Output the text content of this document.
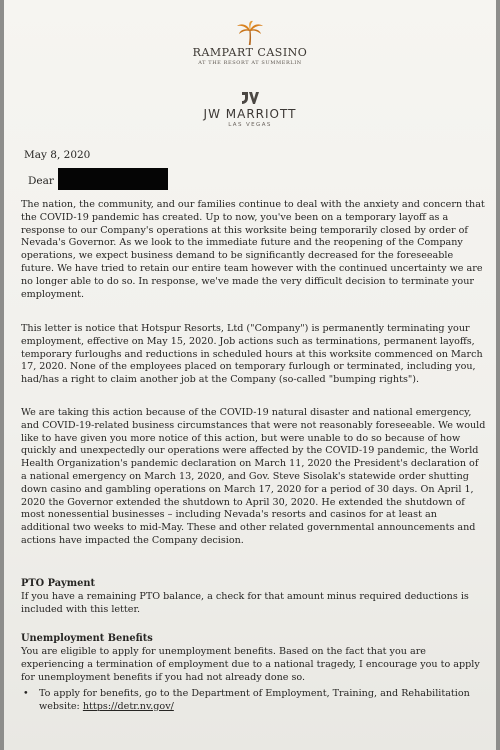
RAMPART CASINO
AT THE RESORT AT SUMMERLIN
JW MARRIOTT
LAS VEGAS
May 8, 2020
Dear

The nation, the community, and our families continue to deal with the anxiety and concern that the COVID-19 pandemic has created. Up to now, you've been on a temporary layoff as a response to our Company's operations at this worksite being temporarily closed by order of Nevada's Governor. As we look to the immediate future and the reopening of the Company operations, we expect business demand to be significantly decreased for the foreseeable future. We have tried to retain our entire team however with the continued uncertainty we are no longer able to do so. In response, we've made the very difficult decision to terminate your employment.

This letter is notice that Hotspur Resorts, Ltd ("Company") is permanently terminating your employment, effective on May 15, 2020. Job actions such as terminations, permanent layoffs, temporary furloughs and reductions in scheduled hours at this worksite commenced on March 17, 2020. None of the employees placed on temporary furlough or terminated, including you, had/has a right to claim another job at the Company (so-called "bumping rights").

We are taking this action because of the COVID-19 natural disaster and national emergency, and COVID-19-related business circumstances that were not reasonably foreseeable. We would like to have given you more notice of this action, but were unable to do so because of how quickly and unexpectedly our operations were affected by the COVID-19 pandemic, the World Health Organization's pandemic declaration on March 11, 2020 the President's declaration of a national emergency on March 13, 2020, and Gov. Steve Sisolak's statewide order shutting down casino and gambling operations on March 17, 2020 for a period of 30 days. On April 1, 2020 the Governor extended the shutdown to April 30, 2020. He extended the shutdown of most nonessential businesses – including Nevada's resorts and casinos for at least an additional two weeks to mid-May. These and other related governmental announcements and actions have impacted the Company decision.

PTO Payment

If you have a remaining PTO balance, a check for that amount minus required deductions is included with this letter.

Unemployment Benefits

You are eligible to apply for unemployment benefits. Based on the fact that you are experiencing a termination of employment due to a national tragedy, I encourage you to apply for unemployment benefits if you had not already done so.

•	To apply for benefits, go to the Department of Employment, Training, and Rehabilitation website: https://detr.nv.gov/
